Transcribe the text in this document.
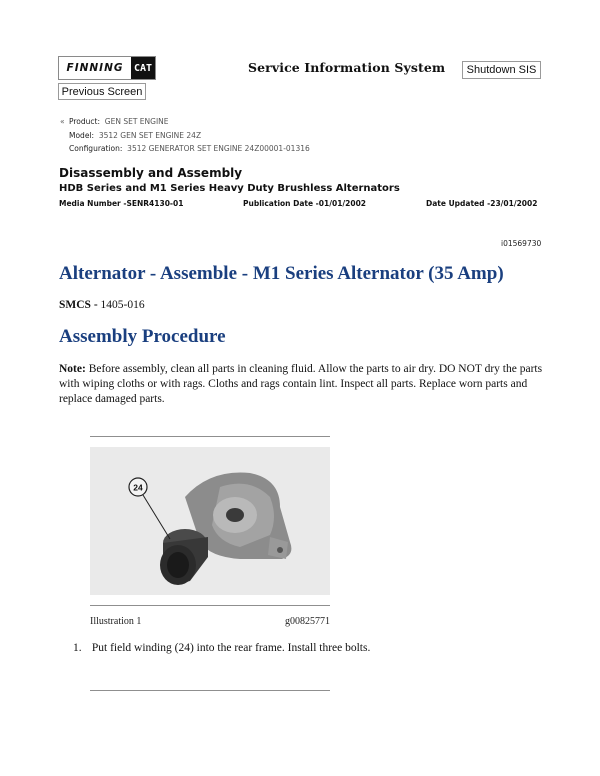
FINNING	CAT	Service Information System	Shutdown SIS
Previous Screen
« Product: GEN SET ENGINE
Model: 3512 GEN SET ENGINE 24Z
Configuration: 3512 GENERATOR SET ENGINE 24Z00001-01316
Disassembly and Assembly
HDB Series and M1 Series Heavy Duty Brushless Alternators
Media Number -SENR4130-01	Publication Date -01/01/2002	Date Updated -23/01/2002
i01569730
Alternator - Assemble - M1 Series Alternator (35 Amp)
SMCS - 1405-016
Assembly Procedure
Note: Before assembly, clean all parts in cleaning fluid. Allow the parts to air dry. DO NOT dry the parts with wiping cloths or with rags. Cloths and rags contain lint. Inspect all parts. Replace worn parts and replace damaged parts.
24
Illustration 1	g00825771
1. Put field winding (24) into the rear frame. Install three bolts.
